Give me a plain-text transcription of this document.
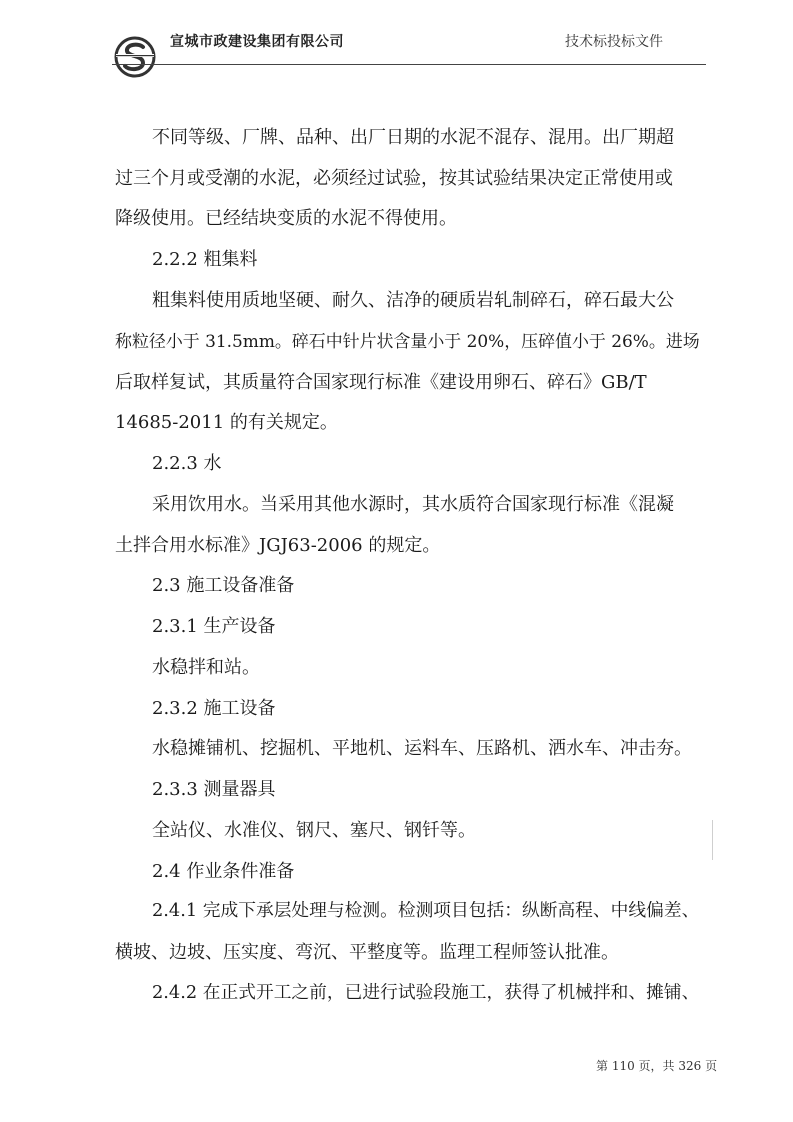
宣城市政建设集团有限公司	技术标投标文件
不同等级、厂牌、品种、出厂日期的水泥不混存、混用。出厂期超
过三个月或受潮的水泥，必须经过试验，按其试验结果决定正常使用或
降级使用。已经结块变质的水泥不得使用。
2.2.2 粗集料
粗集料使用质地坚硬、耐久、洁净的硬质岩轧制碎石，碎石最大公
称粒径小于 31.5mm。碎石中针片状含量小于 20%，压碎值小于 26%。进场
后取样复试，其质量符合国家现行标准《建设用卵石、碎石》GB/T
14685-2011 的有关规定。
2.2.3 水
采用饮用水。当采用其他水源时，其水质符合国家现行标准《混凝
土拌合用水标准》JGJ63-2006 的规定。
2.3 施工设备准备
2.3.1 生产设备
水稳拌和站。
2.3.2 施工设备
水稳摊铺机、挖掘机、平地机、运料车、压路机、洒水车、冲击夯。
2.3.3 测量器具
全站仪、水准仪、钢尺、塞尺、钢钎等。
2.4 作业条件准备
2.4.1 完成下承层处理与检测。检测项目包括：纵断高程、中线偏差、
横坡、边坡、压实度、弯沉、平整度等。监理工程师签认批准。
2.4.2 在正式开工之前，已进行试验段施工，获得了机械拌和、摊铺、
第 110 页，共 326 页
